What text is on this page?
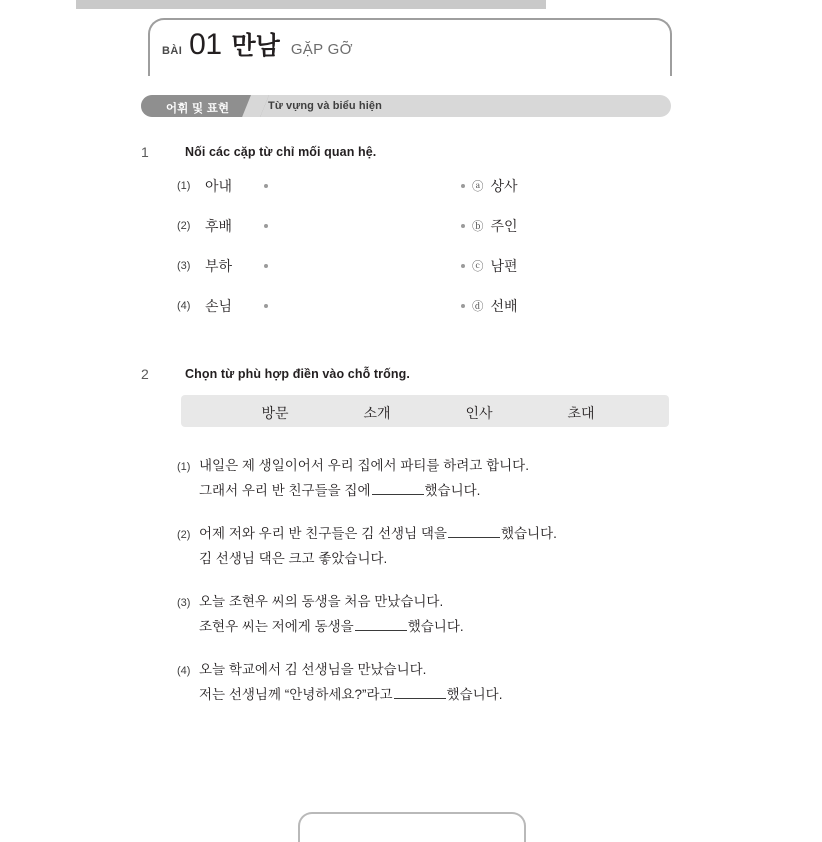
BÀI 01 만남 GẶP GỠ
어휘 및 표현	Từ vựng và biểu hiện
1	Nối các cặp từ chỉ mối quan hệ.
(1)	아내	ⓐ 상사
(2)	후배	ⓑ 주인
(3)	부하	ⓒ 남편
(4)	손님	ⓓ 선배
2	Chọn từ phù hợp điền vào chỗ trống.
방문	소개	인사	초대
(1) 내일은 제 생일이어서 우리 집에서 파티를 하려고 합니다.
그래서 우리 반 친구들을 집에	했습니다.
(2) 어제 저와 우리 반 친구들은 김 선생님 댁을	했습니다.
김 선생님 댁은 크고 좋았습니다.
(3) 오늘 조현우 씨의 동생을 처음 만났습니다.
조현우 씨는 저에게 동생을	했습니다.
(4) 오늘 학교에서 김 선생님을 만났습니다.
저는 선생님께 “안녕하세요?”라고	했습니다.
